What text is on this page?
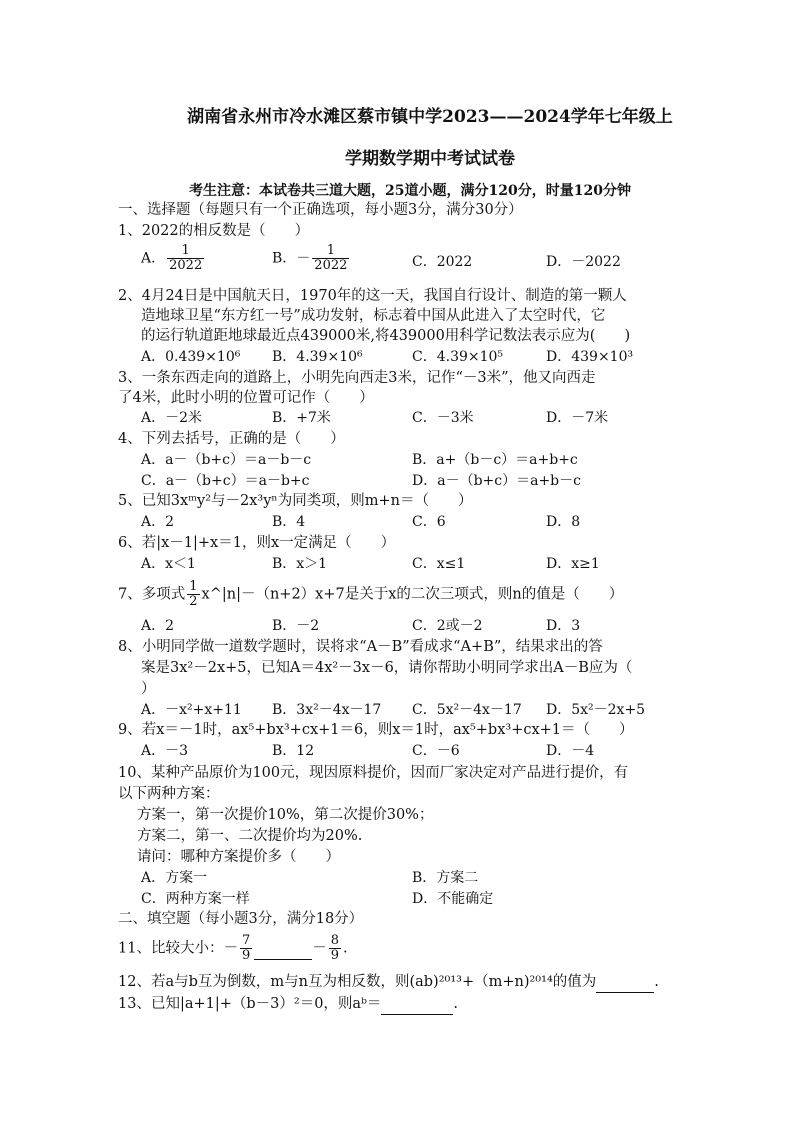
湖南省永州市冷水滩区蔡市镇中学2023——2024学年七年级上
学期数学期中考试试卷
考生注意：本试卷共三道大题，25道小题，满分120分，时量120分钟
一、选择题（每题只有一个正确选项，每小题3分，满分30分）
1、2022的相反数是（　　）
A． $\frac{1}{2022}$	B．－ $\frac{1}{2022}$	C．2022	D．－2022
2、4月24日是中国航天日，1970年的这一天，我国自行设计、制造的第一颗人
造地球卫星“东方红一号”成功发射，标志着中国从此进入了太空时代，它
的运行轨道距地球最近点439000米,将439000用科学记数法表示应为(　　)
A．0.439×10⁶ B．4.39×10⁶	C．4.39×10⁵	D．439×10³
3、一条东西走向的道路上，小明先向西走3米，记作“－3米”，他又向西走
了4米，此时小明的位置可记作（　　）
A．－2米	B．+7米	C．－3米	D．－7米
4、下列去括号，正确的是（　　）
A．a－（b+c）＝a－b－c	B．a+（b－c）＝a+b+c
C．a－（b+c）＝a－b+c	D．a－（b+c）＝a+b－c
5、已知3xᵐy²与－2x³yⁿ为同类项，则m+n＝（　　）
A．2	B．4	C．6	D．8
6、若|x－1|+x＝1，则x一定满足（　　）
A．x＜1	B．x＞1	C．x≤1	D．x≥1
7、多项式 $\frac{1}{2}$ x^|n|－（n+2）x+7是关于x的二次三项式，则n的值是（　　）
A．2	B．－2	C．2或－2	D．3
8、小明同学做一道数学题时，误将求“A－B”看成求“A+B”，结果求出的答
案是3x²－2x+5，已知A＝4x²－3x－6，请你帮助小明同学求出A－B应为（
）
A．－x²+x+11 B．3x²－4x－17 C．5x²－4x－17 D．5x²－2x+5
9、若x＝－1时，ax⁵+bx³+cx+1＝6，则x＝1时，ax⁵+bx³+cx+1＝（　　）
A．－3	B．12	C．－6	D．－4
10、某种产品原价为100元，现因原料提价，因而厂家决定对产品进行提价，有
以下两种方案：
方案一，第一次提价10%，第二次提价30%；
方案二，第一、二次提价均为20%.
请问：哪种方案提价多（　　）
A．方案一	B．方案二
C．两种方案一样	D．不能确定
二、填空题（每小题3分，满分18分）
11、比较大小：－ $\frac{7}{9}$	－ $\frac{8}{9}$ .
12、若a与b互为倒数，m与n互为相反数，则(ab)²⁰¹³+（m+n)²⁰¹⁴的值为	.
13、已知|a+1|+（b－3）²＝0，则aᵇ＝	.
